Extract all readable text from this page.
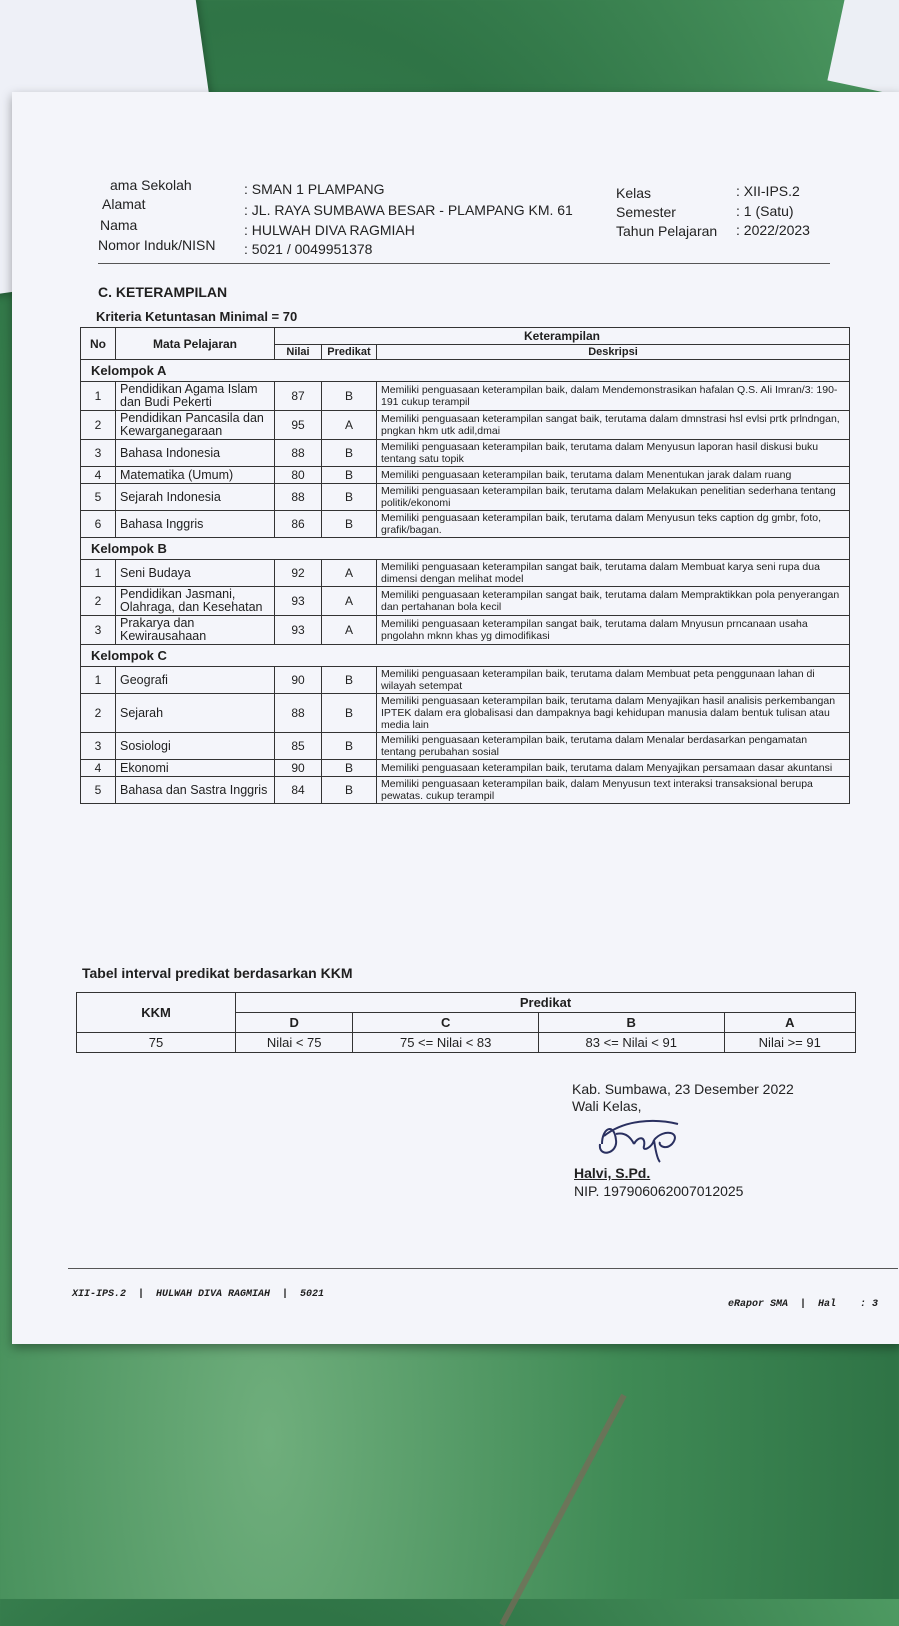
ama Sekolah	: SMAN 1 PLAMPANG
Alamat	: JL. RAYA SUMBAWA BESAR - PLAMPANG KM. 61
Nama	: HULWAH DIVA RAGMIAH
Nomor Induk/NISN : 5021 / 0049951378
Kelas	: XII-IPS.2
Semester	: 1 (Satu)
Tahun Pelajaran : 2022/2023
C. KETERAMPILAN
Kriteria Ketuntasan Minimal = 70
No	Mata Pelajaran	Keterampilan		
		Nilai	Predikat	Deskripsi
Kelompok A				
1	Pendidikan Agama Islam dan Budi Pekerti	87	B	Memiliki penguasaan keterampilan baik, dalam Mendemonstrasikan hafalan Q.S. Ali Imran/3: 190-191 cukup terampil
2	Pendidikan Pancasila dan Kewarganegaraan	95	A	Memiliki penguasaan keterampilan sangat baik, terutama dalam dmnstrasi hsl evlsi prtk prlndngan, pngkan hkm utk adil,dmai
3	Bahasa Indonesia	88	B	Memiliki penguasaan keterampilan baik, terutama dalam Menyusun laporan hasil diskusi buku tentang satu topik
4	Matematika (Umum)	80	B	Memiliki penguasaan keterampilan baik, terutama dalam Menentukan jarak dalam ruang
5	Sejarah Indonesia	88	B	Memiliki penguasaan keterampilan baik, terutama dalam Melakukan penelitian sederhana tentang politik/ekonomi
6	Bahasa Inggris	86	B	Memiliki penguasaan keterampilan baik, terutama dalam Menyusun teks caption dg gmbr, foto, grafik/bagan.
Kelompok B				
1	Seni Budaya	92	A	Memiliki penguasaan keterampilan sangat baik, terutama dalam Membuat karya seni rupa dua dimensi dengan melihat model
2	Pendidikan Jasmani, Olahraga, dan Kesehatan	93	A	Memiliki penguasaan keterampilan sangat baik, terutama dalam Mempraktikkan pola penyerangan dan pertahanan bola kecil
3	Prakarya dan Kewirausahaan	93	A	Memiliki penguasaan keterampilan sangat baik, terutama dalam Mnyusun prncanaan usaha pngolahn mknn khas yg dimodifikasi
Kelompok C				
1	Geografi	90	B	Memiliki penguasaan keterampilan baik, terutama dalam Membuat peta penggunaan lahan di wilayah setempat
2	Sejarah	88	B	Memiliki penguasaan keterampilan baik, terutama dalam Menyajikan hasil analisis perkembangan IPTEK dalam era globalisasi dan dampaknya bagi kehidupan manusia dalam bentuk tulisan atau media lain
3	Sosiologi	85	B	Memiliki penguasaan keterampilan baik, terutama dalam Menalar berdasarkan pengamatan tentang perubahan sosial
4	Ekonomi	90	B	Memiliki penguasaan keterampilan baik, terutama dalam Menyajikan persamaan dasar akuntansi
5	Bahasa dan Sastra Inggris	84	B	Memiliki penguasaan keterampilan baik, dalam Menyusun text interaksi transaksional berupa pewatas. cukup terampil
Tabel interval predikat berdasarkan KKM
KKM	Predikat			
	D	C	B	A
75	Nilai < 75	75 <= Nilai < 83	83 <= Nilai < 91	Nilai >= 91
Kab. Sumbawa, 23 Desember 2022
Wali Kelas,
Halvi, S.Pd.
NIP. 197906062007012025
XII-IPS.2  |  HULWAH DIVA RAGMIAH  |  5021
eRapor SMA  |  Hal    : 3
